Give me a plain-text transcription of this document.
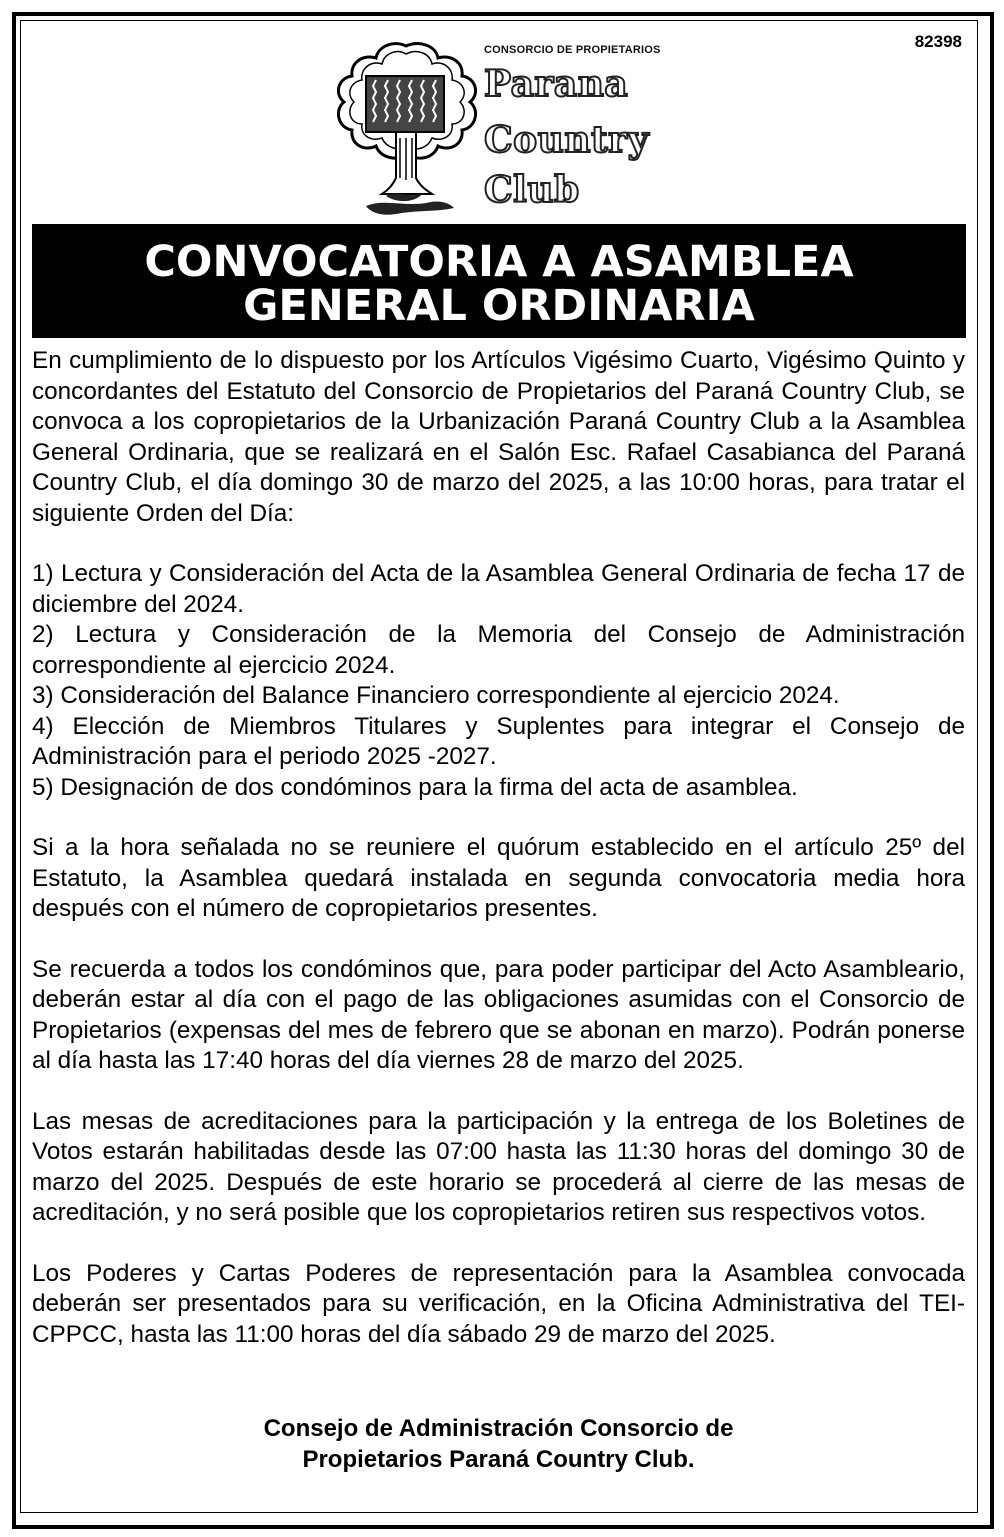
82398
CONSORCIO DE PROPIETARIOS
Parana
Country
Club
CONVOCATORIA A ASAMBLEA
GENERAL ORDINARIA

En cumplimiento de lo dispuesto por los Artículos Vigésimo Cuarto, Vigésimo Quinto y concordantes del Estatuto del Consorcio de Propietarios del Paraná Country Club, se convoca a los copropietarios de la Urbanización Paraná Country Club a la Asamblea General Ordinaria, que se realizará en el Salón Esc. Rafael Casabianca del Paraná Country Club, el día domingo 30 de marzo del 2025, a las 10:00 horas, para tratar el siguiente Orden del Día:

1) Lectura y Consideración del Acta de la Asamblea General Ordinaria de fecha 17 de diciembre del 2024.

2) Lectura y Consideración de la Memoria del Consejo de Administración correspondiente al ejercicio 2024.

3) Consideración del Balance Financiero correspondiente al ejercicio 2024.

4) Elección de Miembros Titulares y Suplentes para integrar el Consejo de Administración para el periodo 2025 -2027.

5) Designación de dos condóminos para la firma del acta de asamblea.

Si a la hora señalada no se reuniere el quórum establecido en el artículo 25º del Estatuto, la Asamblea quedará instalada en segunda convocatoria media hora después con el número de copropietarios presentes.

Se recuerda a todos los condóminos que, para poder participar del Acto Asambleario, deberán estar al día con el pago de las obligaciones asumidas con el Consorcio de Propietarios (expensas del mes de febrero que se abonan en marzo). Podrán ponerse al día hasta las 17:40 horas del día viernes 28 de marzo del 2025.

Las mesas de acreditaciones para la participación y la entrega de los Boletines de Votos estarán habilitadas desde las 07:00 hasta las 11:30 horas del domingo 30 de marzo del 2025. Después de este horario se procederá al cierre de las mesas de acreditación, y no será posible que los copropietarios retiren sus respectivos votos.

Los Poderes y Cartas Poderes de representación para la Asamblea convocada deberán ser presentados para su verificación, en la Oficina Administrativa del TEI-CPPCC, hasta las 11:00 horas del día sábado 29 de marzo del 2025.

Consejo de Administración Consorcio de
Propietarios Paraná Country Club.
